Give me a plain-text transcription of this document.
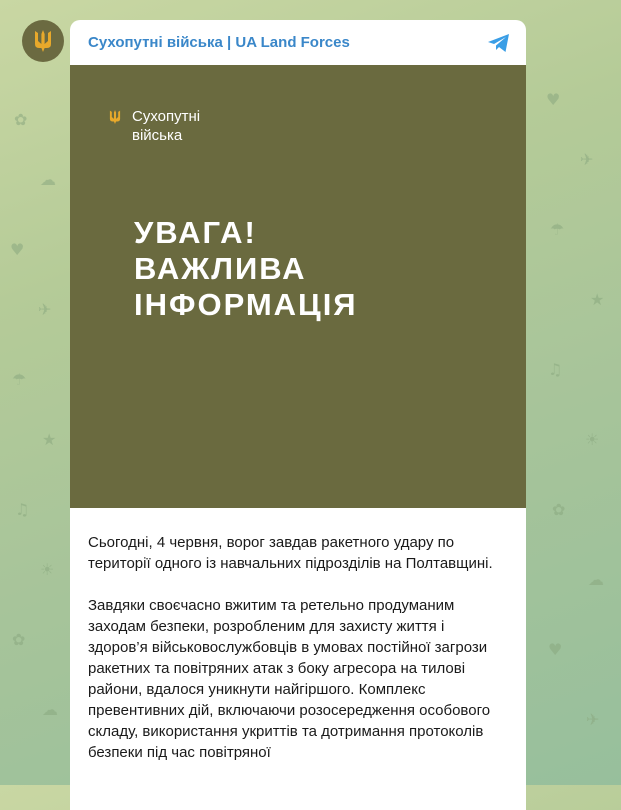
✿
☁
♥
✈
☂
★
♫
☀
✿
☁
♥
✈
☂
★
♫
☀
✿
☁
♥
✈
Сухопутні війська | UA Land Forces
Сухопутні
війська
УВАГА!
ВАЖЛИВА
ІНФОРМАЦІЯ

Сьогодні, 4 червня, ворог завдав ракетного удару по території одного із навчальних підрозділів на Полтавщині.

Завдяки своєчасно вжитим та ретельно продуманим заходам безпеки, розробленим для захисту життя і здоров’я військовослужбовців в умовах постійної загрози ракетних та повітряних атак з боку агресора на тилові райони, вдалося уникнути найгіршого. Комплекс превентивних дій, включаючи розосередження особового складу, використання укриттів та дотримання протоколів безпеки під час повітряної
